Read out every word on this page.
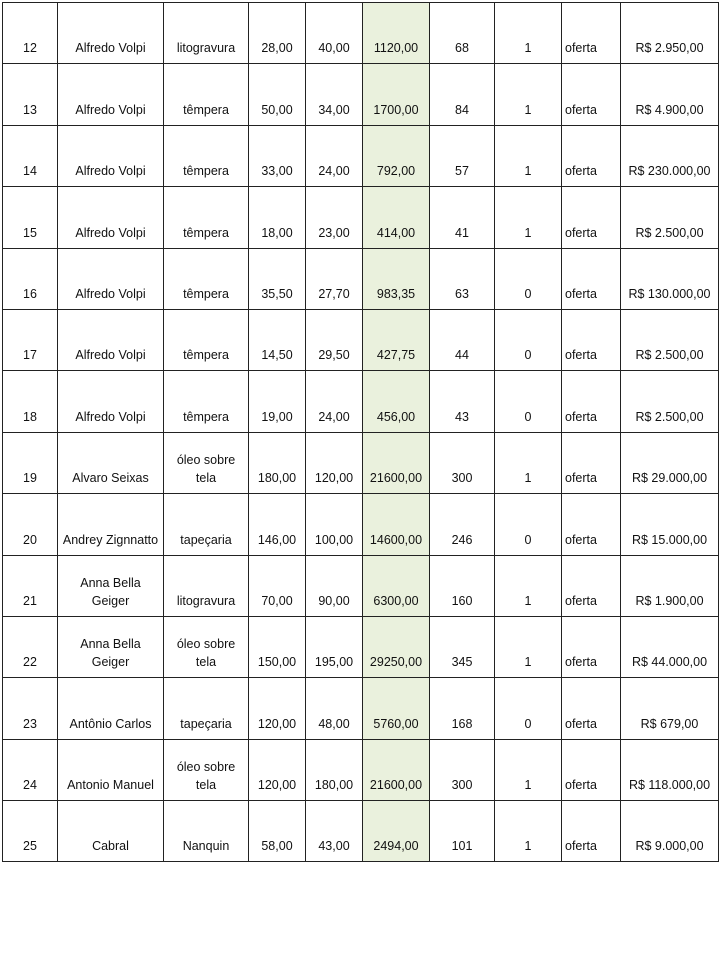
12	Alfredo Volpi	litogravura	28,00	40,00	1120,00	68	1	oferta	R$ 2.950,00
13	Alfredo Volpi	têmpera	50,00	34,00	1700,00	84	1	oferta	R$ 4.900,00
14	Alfredo Volpi	têmpera	33,00	24,00	792,00	57	1	oferta	R$ 230.000,00
15	Alfredo Volpi	têmpera	18,00	23,00	414,00	41	1	oferta	R$ 2.500,00
16	Alfredo Volpi	têmpera	35,50	27,70	983,35	63	0	oferta	R$ 130.000,00
17	Alfredo Volpi	têmpera	14,50	29,50	427,75	44	0	oferta	R$ 2.500,00
18	Alfredo Volpi	têmpera	19,00	24,00	456,00	43	0	oferta	R$ 2.500,00
19	Alvaro Seixas	óleo sobre tela	180,00	120,00	21600,00	300	1	oferta	R$ 29.000,00
20	Andrey Zignnatto	tapeçaria	146,00	100,00	14600,00	246	0	oferta	R$ 15.000,00
21	Anna Bella Geiger	litogravura	70,00	90,00	6300,00	160	1	oferta	R$ 1.900,00
22	Anna Bella Geiger	óleo sobre tela	150,00	195,00	29250,00	345	1	oferta	R$ 44.000,00
23	Antônio Carlos	tapeçaria	120,00	48,00	5760,00	168	0	oferta	R$ 679,00
24	Antonio Manuel	óleo sobre tela	120,00	180,00	21600,00	300	1	oferta	R$ 118.000,00
25	Cabral	Nanquin	58,00	43,00	2494,00	101	1	oferta	R$ 9.000,00
